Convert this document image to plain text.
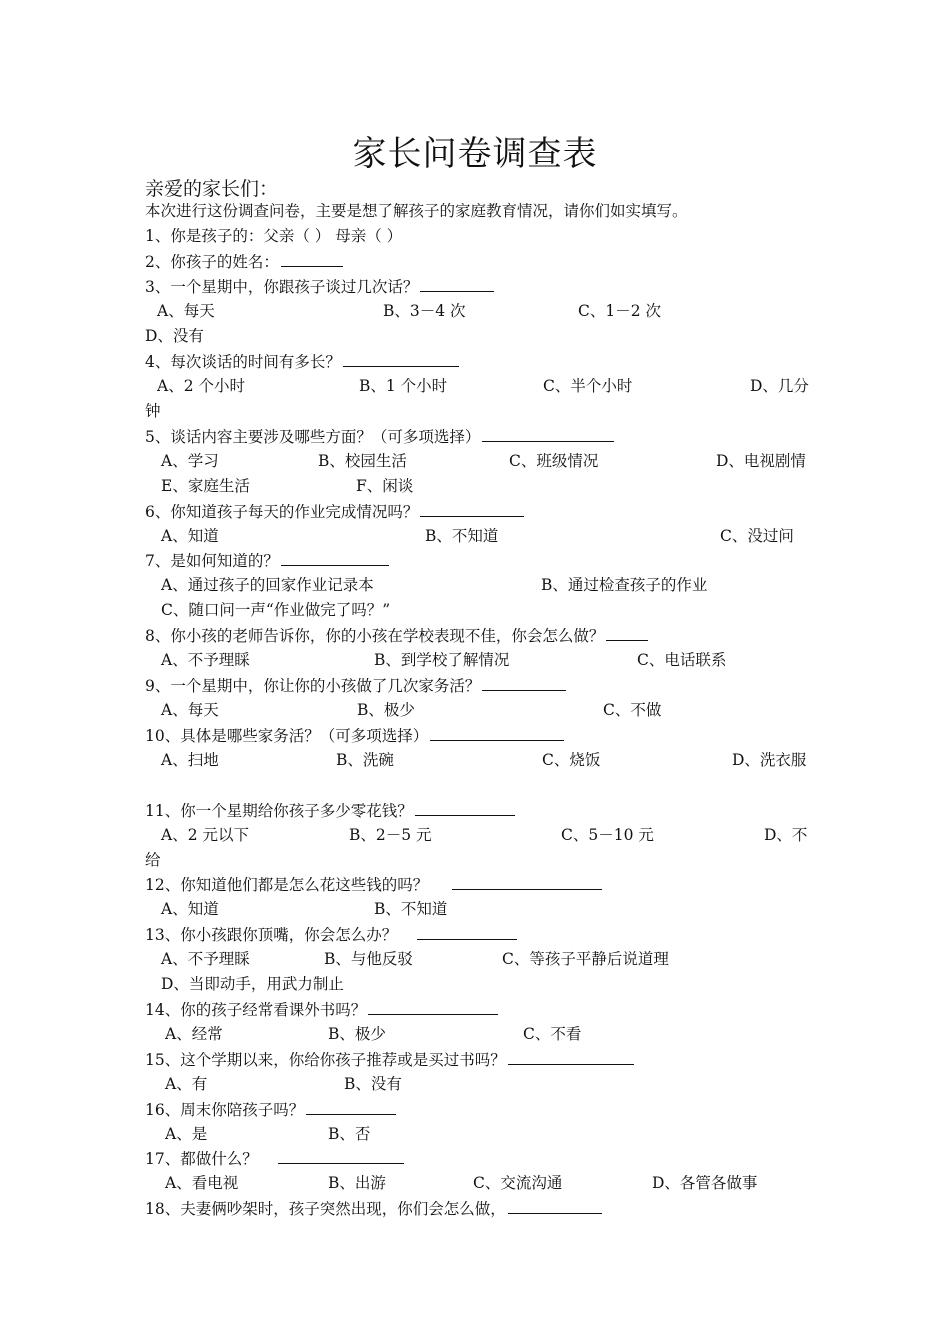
家长问卷调查表
亲爱的家长们：
本次进行这份调查问卷，主要是想了解孩子的家庭教育情况，请你们如实填写。
1、你是孩子的：父亲（ ） 母亲（ ）
2、你孩子的姓名：
3、一个星期中，你跟孩子谈过几次话？
A、每天	B、3－4 次	C、1－2 次
D、没有
4、每次谈话的时间有多长？
A、2 个小时	B、1 个小时	C、半个小时	D、几分
钟
5、谈话内容主要涉及哪些方面？（可多项选择）
A、学习	B、校园生活	C、班级情况	D、电视剧情
E、家庭生活	F、闲谈
6、你知道孩子每天的作业完成情况吗？
A、知道	B、不知道	C、没过问
7、是如何知道的？
A、通过孩子的回家作业记录本	B、通过检查孩子的作业
C、随口问一声“作业做完了吗？”
8、你小孩的老师告诉你，你的小孩在学校表现不佳，你会怎么做？
A、不予理睬	B、到学校了解情况	C、电话联系
9、一个星期中，你让你的小孩做了几次家务活？
A、每天	B、极少	C、不做
10、具体是哪些家务活？（可多项选择）
A、扫地	B、洗碗	C、烧饭	D、洗衣服
11、你一个星期给你孩子多少零花钱？
A、2 元以下	B、2－5 元	C、5－10 元	D、不
给
12、你知道他们都是怎么花这些钱的吗？
A、知道	B、不知道
13、你小孩跟你顶嘴，你会怎么办？
A、不予理睬	B、与他反驳	C、等孩子平静后说道理
D、当即动手，用武力制止
14、你的孩子经常看课外书吗？
A、经常	B、极少	C、不看
15、这个学期以来，你给你孩子推荐或是买过书吗？
A、有	B、没有
16、周末你陪孩子吗？
A、是	B、否
17、都做什么？
A、看电视	B、出游	C、交流沟通	D、各管各做事
18、夫妻俩吵架时，孩子突然出现，你们会怎么做，
